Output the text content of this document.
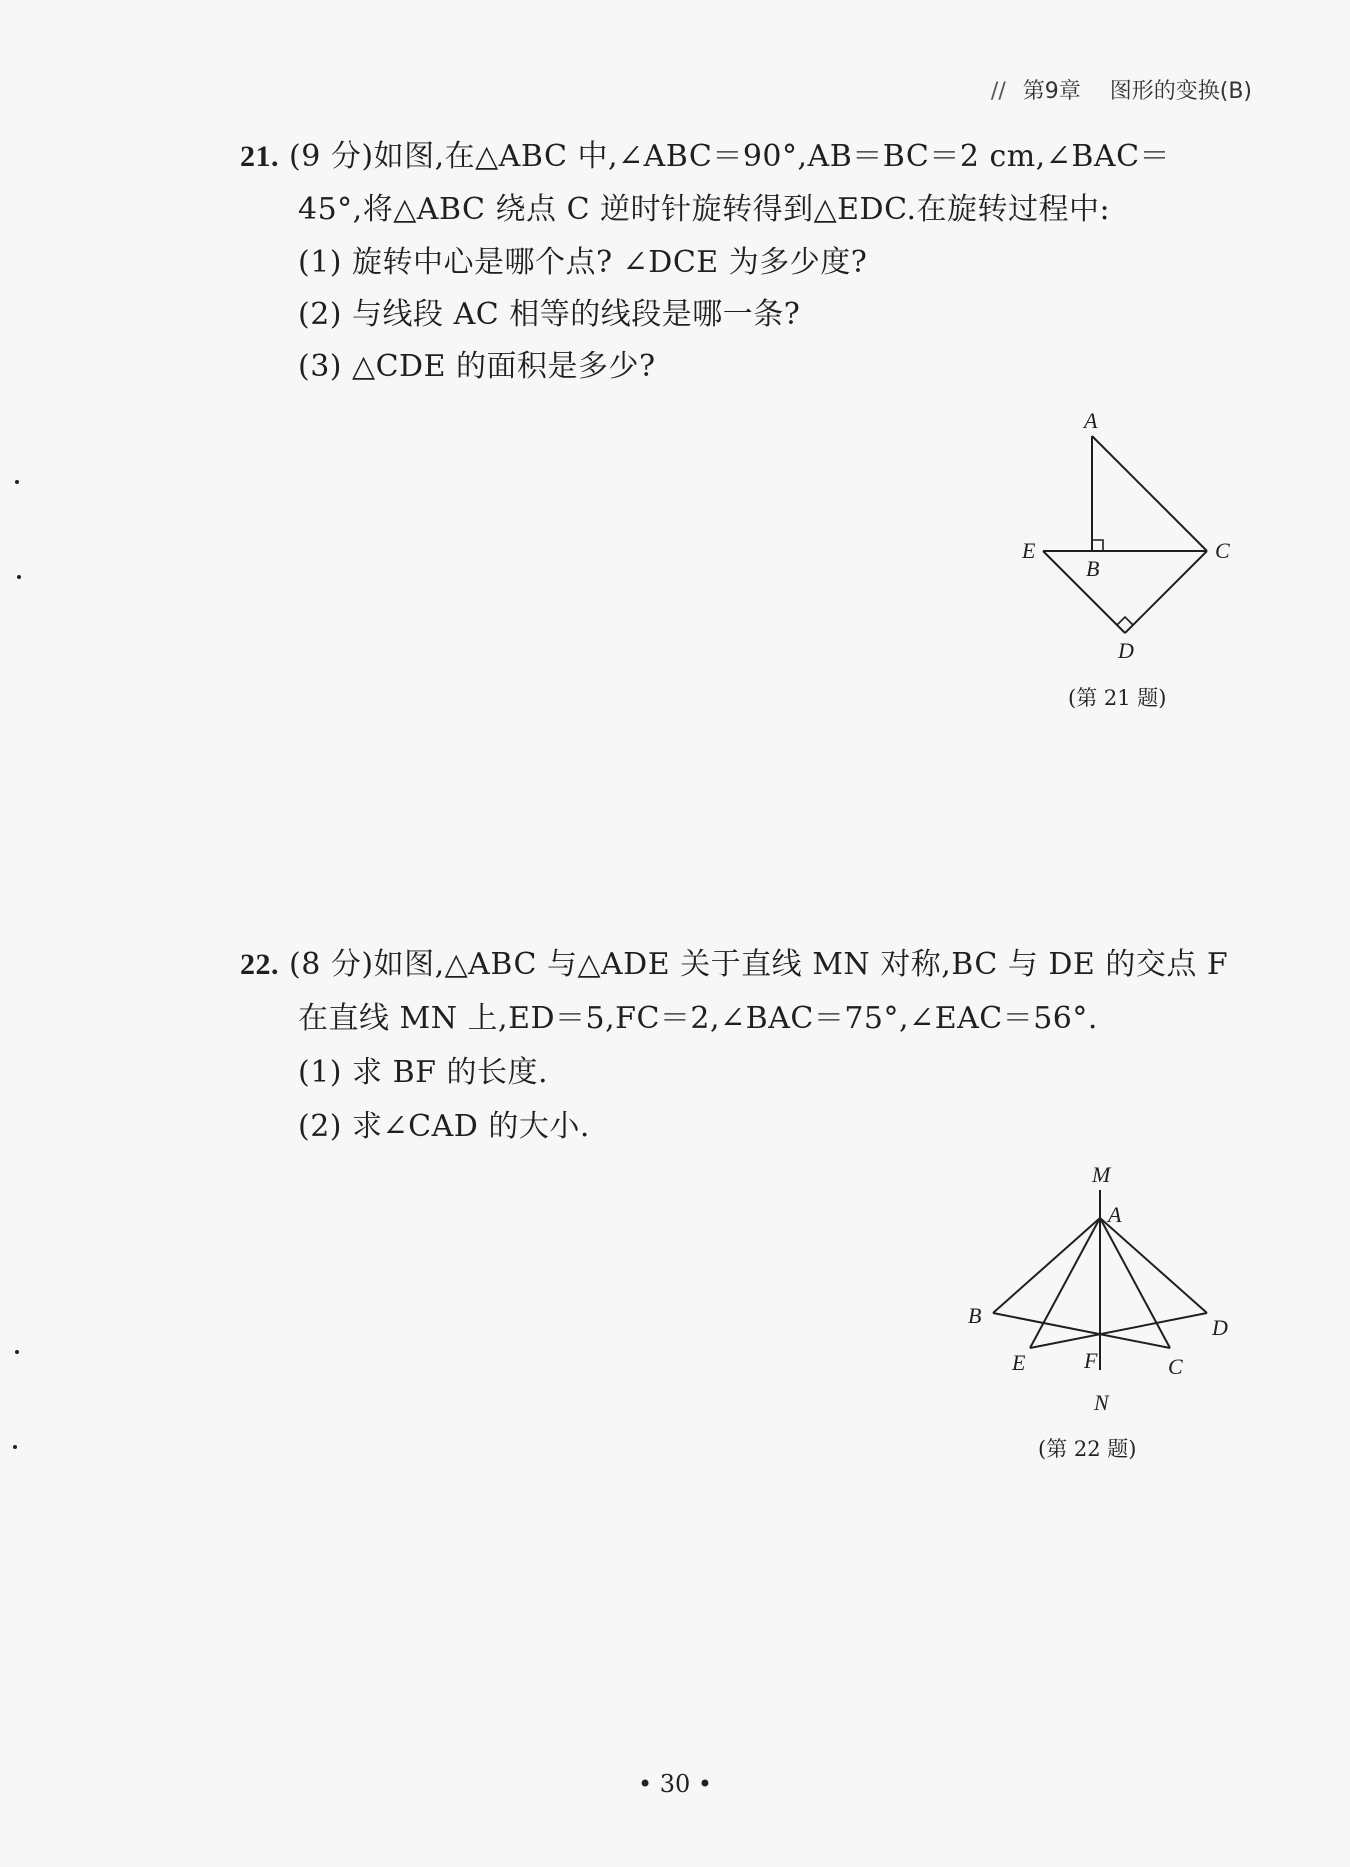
// 第9章 图形的变换(B)
21. (9 分)如图,在△ABC 中,∠ABC＝90°,AB＝BC＝2 cm,∠BAC＝
45°,将△ABC 绕点 C 逆时针旋转得到△EDC.在旋转过程中:
(1) 旋转中心是哪个点? ∠DCE 为多少度?
(2) 与线段 AC 相等的线段是哪一条?
(3) △CDE 的面积是多少?
A
B
C
D
E
(第 21 题)
22. (8 分)如图,△ABC 与△ADE 关于直线 MN 对称,BC 与 DE 的交点 F
在直线 MN 上,ED＝5,FC＝2,∠BAC＝75°,∠EAC＝56°.
(1) 求 BF 的长度.
(2) 求∠CAD 的大小.
M
A
B	D
E	F	C
N
(第 22 题)
• 30 •
